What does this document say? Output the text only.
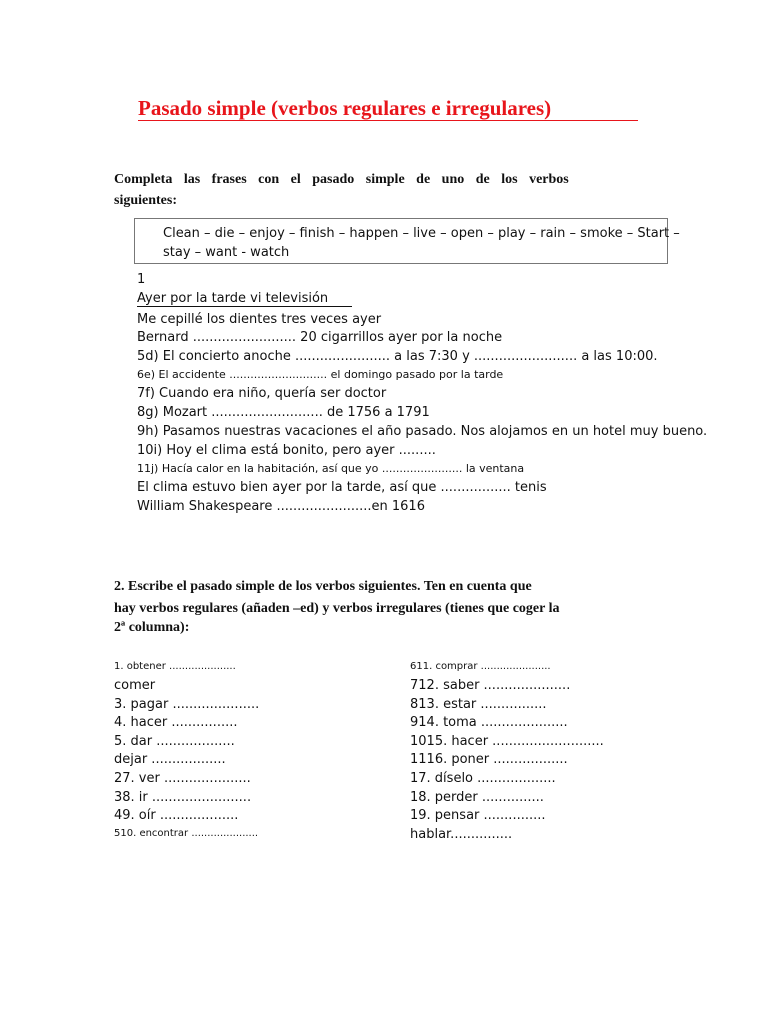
Pasado simple (verbos regulares e irregulares)
Completa las frases con el pasado simple de uno de los verbos
siguientes:
Clean – die – enjoy – finish – happen – live – open – play – rain – smoke – Start –
stay – want - watch
1
Ayer por la tarde vi televisión
Me cepillé los dientes tres veces ayer
Bernard ......................... 20 cigarrillos ayer por la noche
5d) El concierto anoche ....................... a las 7:30 y ......................... a las 10:00.
6e) El accidente ............................ el domingo pasado por la tarde
7f) Cuando era niño, quería ser doctor
8g) Mozart ........................... de 1756 a 1791
9h) Pasamos nuestras vacaciones el año pasado. Nos alojamos en un hotel muy bueno.
10i) Hoy el clima está bonito, pero ayer .........
11j) Hacía calor en la habitación, así que yo ....................... la ventana
El clima estuvo bien ayer por la tarde, así que ................. tenis
William Shakespeare .......................en 1616
2. Escribe el pasado simple de los verbos siguientes. Ten en cuenta que
hay verbos regulares (añaden –ed) y verbos irregulares (tienes que coger la
2ª columna):
1. obtener .....................
comer
3. pagar .....................
4. hacer ................
5. dar ...................
dejar ..................
27. ver .....................
38. ir ........................
49. oír ...................
510. encontrar .....................
611. comprar ......................
712. saber .....................
813. estar ................
914. toma .....................
1015. hacer ...........................
1116. poner ..................
17. díselo ...................
18. perder ...............
19. pensar ...............
hablar...............
